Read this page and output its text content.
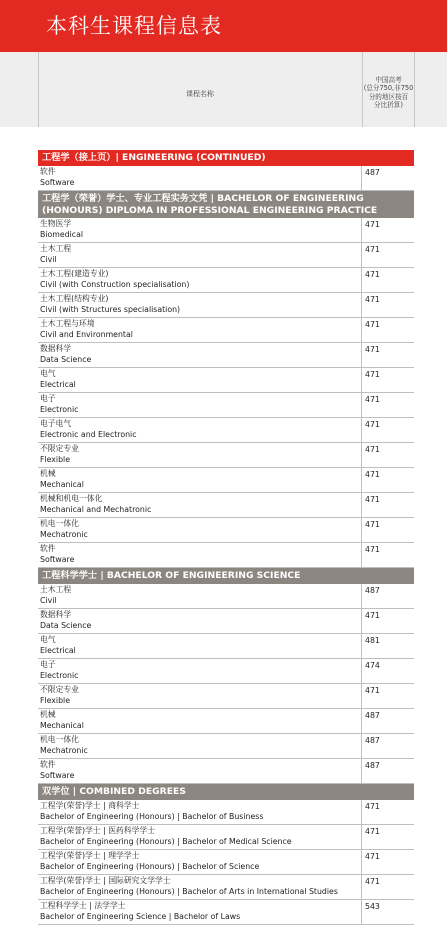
本科生课程信息表
课程名称
中国高考
(总分750,非750
分的地区按百
分比折算)
工程学（接上页）| ENGINEERING (CONTINUED)
软件
Software
487
工程学（荣誉）学士、专业工程实务文凭 | BACHELOR OF ENGINEERING (HONOURS) DIPLOMA IN PROFESSIONAL ENGINEERING PRACTICE
生物医学
Biomedical
471
土木工程
Civil
471
土木工程(建造专业)
Civil (with Construction specialisation)
471
土木工程(结构专业)
Civil (with Structures specialisation)
471
土木工程与环境
Civil and Environmental
471
数据科学
Data Science
471
电气
Electrical
471
电子
Electronic
471
电子电气
Electronic and Electronic
471
不限定专业
Flexible
471
机械
Mechanical
471
机械和机电一体化
Mechanical and Mechatronic
471
机电一体化
Mechatronic
471
软件
Software
471
工程科学学士 | BACHELOR OF ENGINEERING SCIENCE
土木工程
Civil
487
数据科学
Data Science
471
电气
Electrical
481
电子
Electronic
474
不限定专业
Flexible
471
机械
Mechanical
487
机电一体化
Mechatronic
487
软件
Software
487
双学位 | COMBINED DEGREES
工程学(荣誉)学士 | 商科学士
Bachelor of Engineering (Honours) | Bachelor of Business
471
工程学(荣誉)学士 | 医药科学学士
Bachelor of Engineering (Honours) | Bachelor of Medical Science
471
工程学(荣誉)学士 | 理学学士
Bachelor of Engineering (Honours) | Bachelor of Science
471
工程学(荣誉)学士 | 国际研究文学学士
Bachelor of Engineering (Honours) | Bachelor of Arts in International Studies
471
工程科学学士 | 法学学士
Bachelor of Engineering Science | Bachelor of Laws
543
